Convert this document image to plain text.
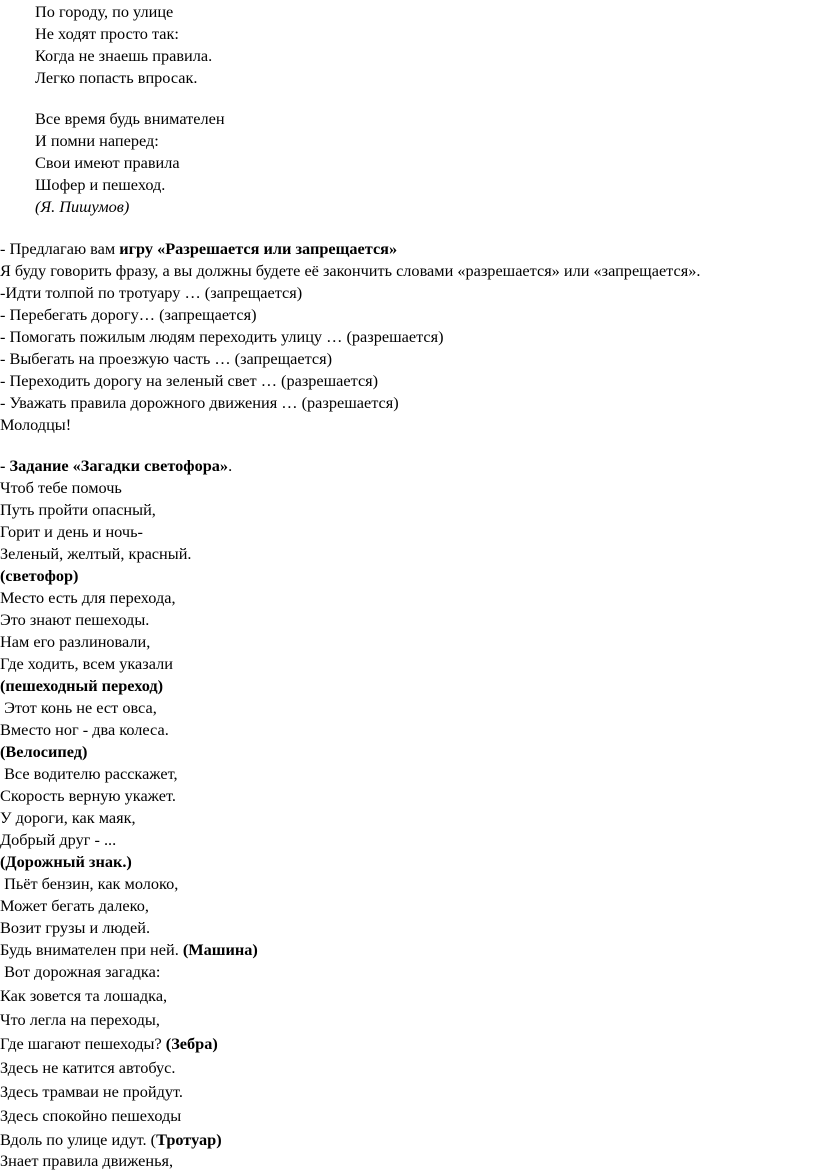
По городу, по улице
Не ходят просто так:
Когда не знаешь правила.
Легко попасть впросак.
Все время будь внимателен
И помни наперед:
Свои имеют правила
Шофер и пешеход.
(Я. Пишумов)
- Предлагаю вам игру «Разрешается или запрещается»
Я буду говорить фразу, а вы должны будете её закончить словами «разрешается» или «запрещается».
-Идти толпой по тротуару … (запрещается)
- Перебегать дорогу… (запрещается)
- Помогать пожилым людям переходить улицу … (разрешается)
- Выбегать на проезжую часть … (запрещается)
- Переходить дорогу на зеленый свет … (разрешается)
- Уважать правила дорожного движения … (разрешается)
Молодцы!
- Задание «Загадки светофора».
Чтоб тебе помочь
Путь пройти опасный,
Горит и день и ночь-
Зеленый, желтый, красный.
(светофор)
Место есть для перехода,
Это знают пешеходы.
Нам его разлиновали,
Где ходить, всем указали
(пешеходный переход)
Этот конь не ест овса,
Вместо ног - два колеса.
(Велосипед)
Все водителю расскажет,
Скорость верную укажет.
У дороги, как маяк,
Добрый друг - ...
(Дорожный знак.)
Пьёт бензин, как молоко,
Может бегать далеко,
Возит грузы и людей.
Будь внимателен при ней. (Машина)
Вот дорожная загадка:
Как зовется та лошадка,
Что легла на переходы,
Где шагают пешеходы? (Зебра)
Здесь не катится автобус.
Здесь трамваи не пройдут.
Здесь спокойно пешеходы
Вдоль по улице идут. (Тротуар)
Знает правила движенья,
